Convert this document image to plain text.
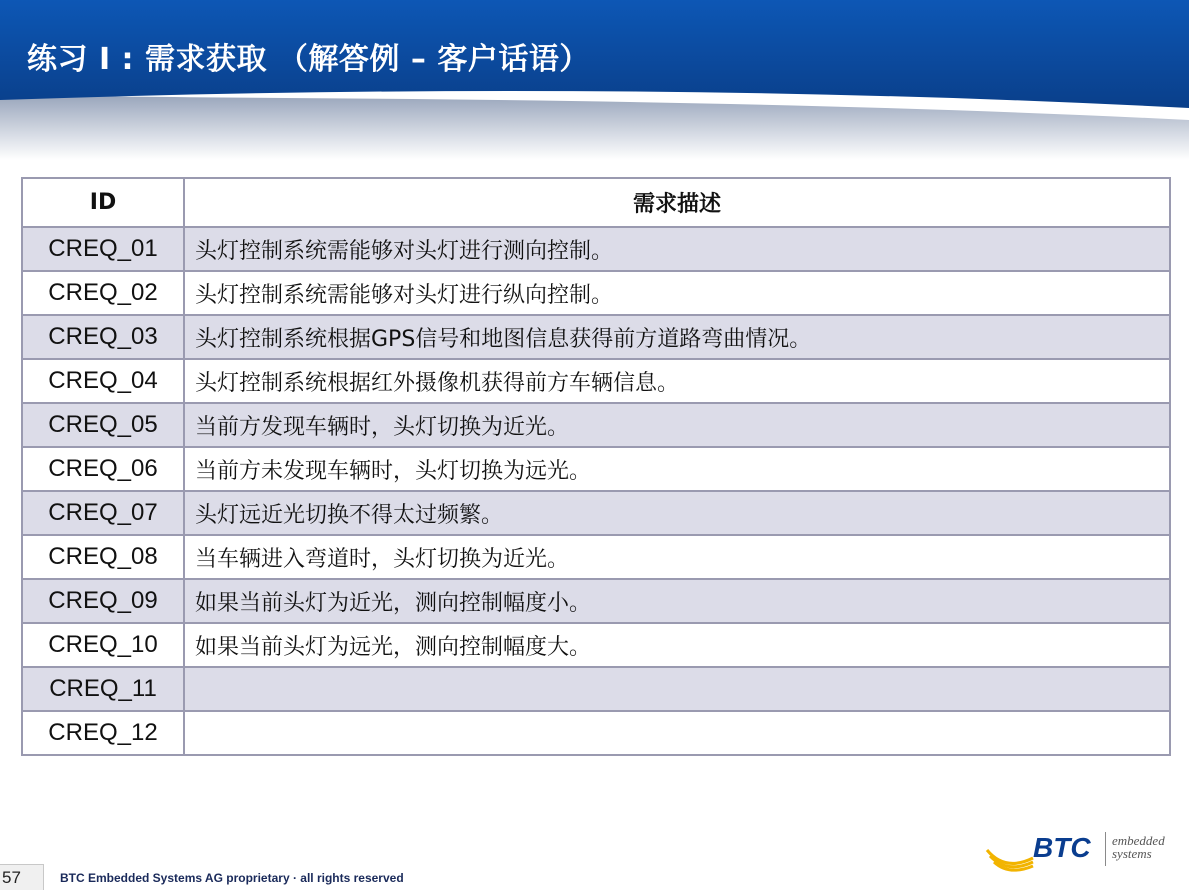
练习 I : 需求获取 （解答例 – 客户话语）
ID	需求描述
CREQ_01	头灯控制系统需能够对头灯进行测向控制。
CREQ_02	头灯控制系统需能够对头灯进行纵向控制。
CREQ_03	头灯控制系统根据GPS信号和地图信息获得前方道路弯曲情况。
CREQ_04	头灯控制系统根据红外摄像机获得前方车辆信息。
CREQ_05	当前方发现车辆时，头灯切换为近光。
CREQ_06	当前方未发现车辆时，头灯切换为远光。
CREQ_07	头灯远近光切换不得太过频繁。
CREQ_08	当车辆进入弯道时，头灯切换为近光。
CREQ_09	如果当前头灯为近光，测向控制幅度小。
CREQ_10	如果当前头灯为远光，测向控制幅度大。
CREQ_11	
CREQ_12	
BTC embedded
systems
57	BTC Embedded Systems AG proprietary · all rights reserved
